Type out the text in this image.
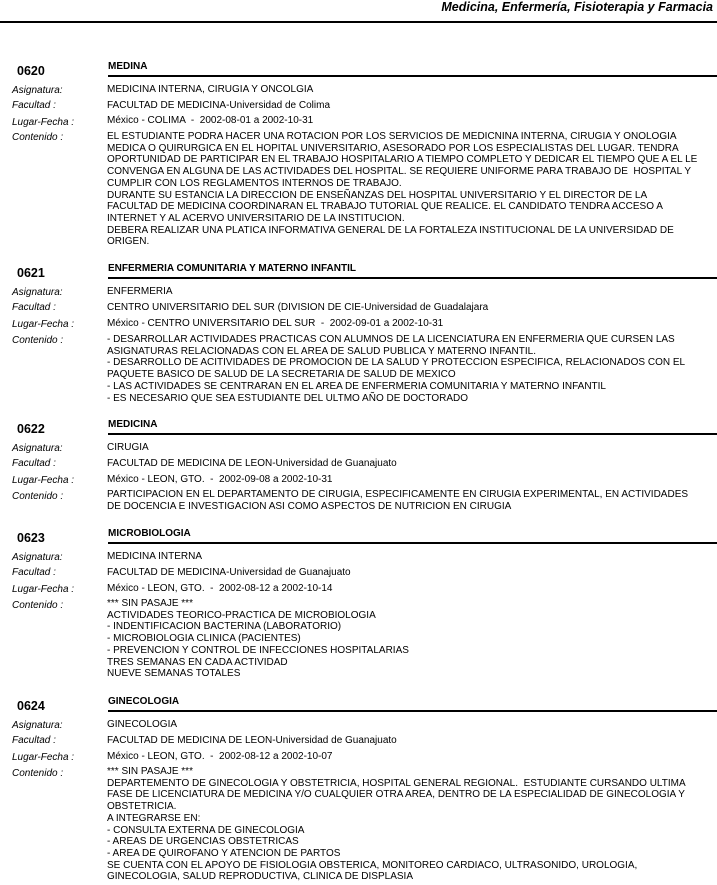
Medicina, Enfermería, Fisioterapia y Farmacia
0620	MEDINA
Asignatura:	MEDICINA INTERNA, CIRUGIA Y ONCOLGIA
Facultad :	FACULTAD DE MEDICINA-Universidad de Colima
Lugar-Fecha :	México - COLIMA  -  2002-08-01 a 2002-10-31
Contenido :	EL ESTUDIANTE PODRA HACER UNA ROTACION POR LOS SERVICIOS DE MEDICNINA INTERNA, CIRUGIA Y ONOLOGIA
MEDICA O QUIRURGICA EN EL HOPITAL UNIVERSITARIO, ASESORADO POR LOS ESPECIALISTAS DEL LUGAR. TENDRA
OPORTUNIDAD DE PARTICIPAR EN EL TRABAJO HOSPITALARIO A TIEMPO COMPLETO Y DEDICAR EL TIEMPO QUE A EL LE
CONVENGA EN ALGUNA DE LAS ACTIVIDADES DEL HOSPITAL. SE REQUIERE UNIFORME PARA TRABAJO DE  HOSPITAL Y
CUMPLIR CON LOS REGLAMENTOS INTERNOS DE TRABAJO.
DURANTE SU ESTANCIA LA DIRECCION DE ENSEÑANZAS DEL HOSPITAL UNIVERSITARIO Y EL DIRECTOR DE LA
FACULTAD DE MEDICINA COORDINARAN EL TRABAJO TUTORIAL QUE REALICE. EL CANDIDATO TENDRA ACCESO A
INTERNET Y AL ACERVO UNIVERSITARIO DE LA INSTITUCION.
DEBERA REALIZAR UNA PLATICA INFORMATIVA GENERAL DE LA FORTALEZA INSTITUCIONAL DE LA UNIVERSIDAD DE
ORIGEN.
0621	ENFERMERIA COMUNITARIA Y MATERNO INFANTIL
Asignatura:	ENFERMERIA
Facultad :	CENTRO UNIVERSITARIO DEL SUR (DIVISION DE CIE-Universidad de Guadalajara
Lugar-Fecha :	México - CENTRO UNIVERSITARIO DEL SUR  -  2002-09-01 a 2002-10-31
Contenido :	- DESARROLLAR ACTIVIDADES PRACTICAS CON ALUMNOS DE LA LICENCIATURA EN ENFERMERIA QUE CURSEN LAS
ASIGNATURAS RELACIONADAS CON EL AREA DE SALUD PUBLICA Y MATERNO INFANTIL.
- DESARROLLO DE ACITIVIDADES DE PROMOCION DE LA SALUD Y PROTECCION ESPECIFICA, RELACIONADOS CON EL
PAQUETE BASICO DE SALUD DE LA SECRETARIA DE SALUD DE MEXICO
- LAS ACTIVIDADES SE CENTRARAN EN EL AREA DE ENFERMERIA COMUNITARIA Y MATERNO INFANTIL
- ES NECESARIO QUE SEA ESTUDIANTE DEL ULTMO AÑO DE DOCTORADO
0622	MEDICINA
Asignatura:	CIRUGIA
Facultad :	FACULTAD DE MEDICINA DE LEON-Universidad de Guanajuato
Lugar-Fecha :	México - LEON, GTO.  -  2002-09-08 a 2002-10-31
Contenido :	PARTICIPACION EN EL DEPARTAMENTO DE CIRUGIA, ESPECIFICAMENTE EN CIRUGIA EXPERIMENTAL, EN ACTIVIDADES
DE DOCENCIA E INVESTIGACION ASI COMO ASPECTOS DE NUTRICION EN CIRUGIA
0623	MICROBIOLOGIA
Asignatura:	MEDICINA INTERNA
Facultad :	FACULTAD DE MEDICINA-Universidad de Guanajuato
Lugar-Fecha :	México - LEON, GTO.  -  2002-08-12 a 2002-10-14
Contenido :	*** SIN PASAJE ***
ACTIVIDADES TEORICO-PRACTICA DE MICROBIOLOGIA
- INDENTIFICACION BACTERINA (LABORATORIO)
- MICROBIOLOGIA CLINICA (PACIENTES)
- PREVENCION Y CONTROL DE INFECCIONES HOSPITALARIAS
TRES SEMANAS EN CADA ACTIVIDAD
NUEVE SEMANAS TOTALES
0624	GINECOLOGIA
Asignatura:	GINECOLOGIA
Facultad :	FACULTAD DE MEDICINA DE LEON-Universidad de Guanajuato
Lugar-Fecha :	México - LEON, GTO.  -  2002-08-12 a 2002-10-07
Contenido :	*** SIN PASAJE ***
DEPARTEMENTO DE GINECOLOGIA Y OBSTETRICIA, HOSPITAL GENERAL REGIONAL.  ESTUDIANTE CURSANDO ULTIMA
FASE DE LICENCIATURA DE MEDICINA Y/O CUALQUIER OTRA AREA, DENTRO DE LA ESPECIALIDAD DE GINECOLOGIA Y
OBSTETRICIA.
A INTEGRARSE EN:
- CONSULTA EXTERNA DE GINECOLOGIA
- AREAS DE URGENCIAS OBSTETRICAS
- AREA DE QUIROFANO Y ATENCION DE PARTOS
SE CUENTA CON EL APOYO DE FISIOLOGIA OBSTERICA, MONITOREO CARDIACO, ULTRASONIDO, UROLOGIA,
GINECOLOGIA, SALUD REPRODUCTIVA, CLINICA DE DISPLASIA
